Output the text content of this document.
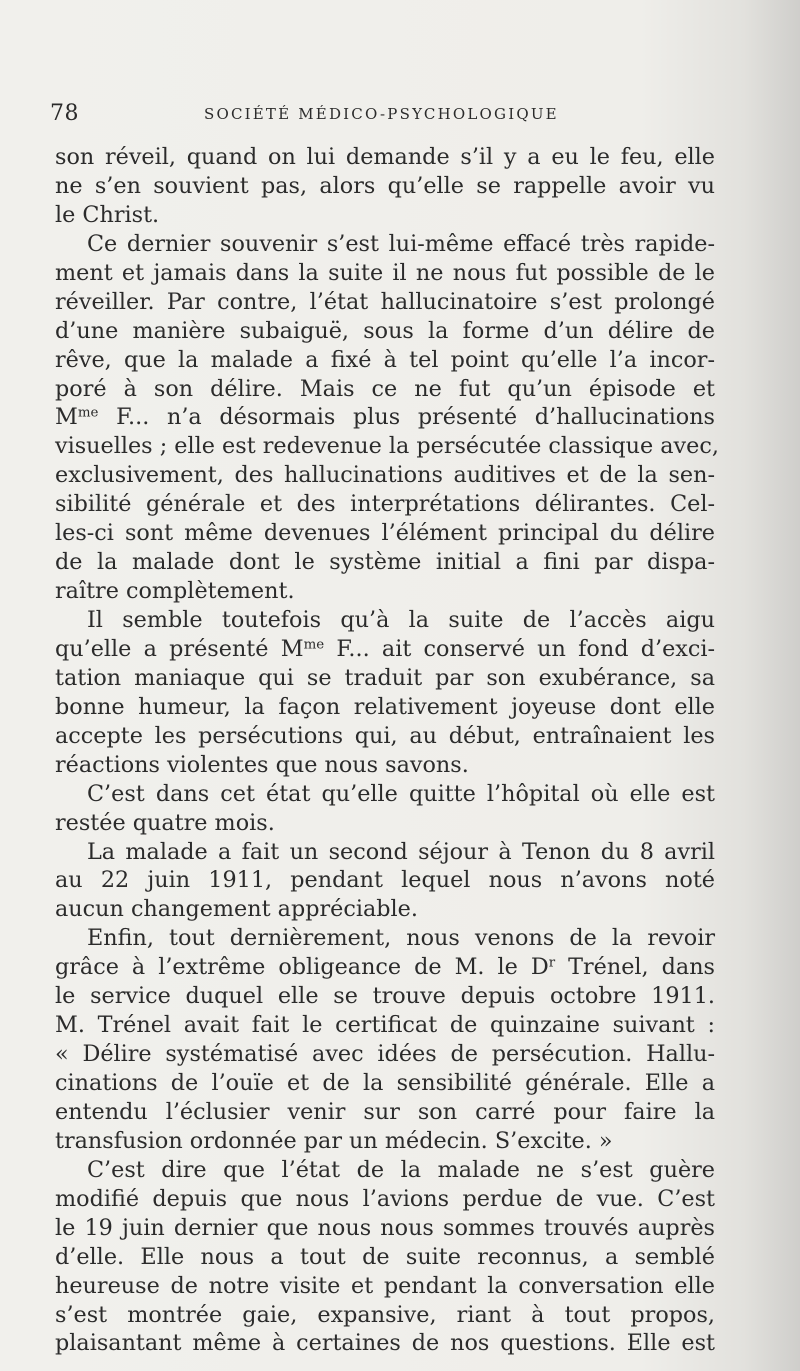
78	SOCIÉTÉ MÉDICO-PSYCHOLOGIQUE
son réveil, quand on lui demande s’il y a eu le feu, elle
ne s’en souvient pas, alors qu’elle se rappelle avoir vu
le Christ.
Ce dernier souvenir s’est lui-même effacé très rapide-
ment et jamais dans la suite il ne nous fut possible de le
réveiller. Par contre, l’état hallucinatoire s’est prolongé
d’une manière subaiguë, sous la forme d’un délire de
rêve, que la malade a fixé à tel point qu’elle l’a incor-
poré à son délire. Mais ce ne fut qu’un épisode et
$M^{me}$ F... n’a désormais plus présenté d’hallucinations
visuelles ; elle est redevenue la persécutée classique avec,
exclusivement, des hallucinations auditives et de la sen-
sibilité générale et des interprétations délirantes. Cel-
les-ci sont même devenues l’élément principal du délire
de la malade dont le système initial a fini par dispa-
raître complètement.
Il semble toutefois qu’à la suite de l’accès aigu
qu’elle a présenté $M^{me}$ F... ait conservé un fond d’exci-
tation maniaque qui se traduit par son exubérance, sa
bonne humeur, la façon relativement joyeuse dont elle
accepte les persécutions qui, au début, entraînaient les
réactions violentes que nous savons.
C’est dans cet état qu’elle quitte l’hôpital où elle est
restée quatre mois.
La malade a fait un second séjour à Tenon du 8 avril
au 22 juin 1911, pendant lequel nous n’avons noté
aucun changement appréciable.
Enfin, tout dernièrement, nous venons de la revoir
grâce à l’extrême obligeance de M. le $D^r$ Trénel, dans
le service duquel elle se trouve depuis octobre 1911.
M. Trénel avait fait le certificat de quinzaine suivant :
« Délire systématisé avec idées de persécution. Hallu-
cinations de l’ouïe et de la sensibilité générale. Elle a
entendu l’éclusier venir sur son carré pour faire la
transfusion ordonnée par un médecin. S’excite. »
C’est dire que l’état de la malade ne s’est guère
modifié depuis que nous l’avions perdue de vue. C’est
le 19 juin dernier que nous nous sommes trouvés auprès
d’elle. Elle nous a tout de suite reconnus, a semblé
heureuse de notre visite et pendant la conversation elle
s’est montrée gaie, expansive, riant à tout propos,
plaisantant même à certaines de nos questions. Elle est
